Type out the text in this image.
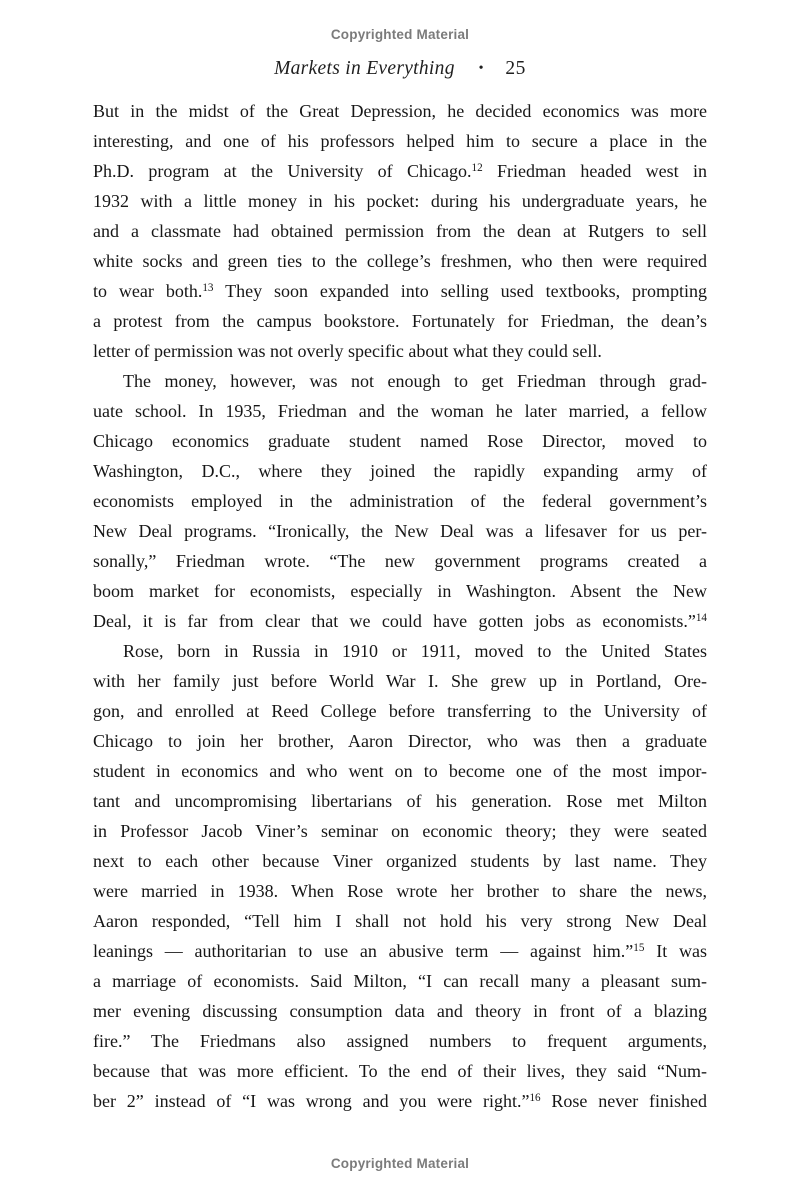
Copyrighted Material
Markets in Everything • 25
But in the midst of the Great Depression, he decided economics was more
interesting, and one of his professors helped him to secure a place in the
Ph.D. program at the University of Chicago.$^{12}$ Friedman headed west in
1932 with a little money in his pocket: during his undergraduate years, he
and a classmate had obtained permission from the dean at Rutgers to sell
white socks and green ties to the college’s freshmen, who then were required
to wear both.$^{13}$ They soon expanded into selling used textbooks, prompting
a protest from the campus bookstore. Fortunately for Friedman, the dean’s
letter of permission was not overly specific about what they could sell.
The money, however, was not enough to get Friedman through grad-
uate school. In 1935, Friedman and the woman he later married, a fellow
Chicago economics graduate student named Rose Director, moved to
Washington, D.C., where they joined the rapidly expanding army of
economists employed in the administration of the federal government’s
New Deal programs. “Ironically, the New Deal was a lifesaver for us per-
sonally,” Friedman wrote. “The new government programs created a
boom market for economists, especially in Washington. Absent the New
Deal, it is far from clear that we could have gotten jobs as economists.”$^{14}$
Rose, born in Russia in 1910 or 1911, moved to the United States
with her family just before World War I. She grew up in Portland, Ore-
gon, and enrolled at Reed College before transferring to the University of
Chicago to join her brother, Aaron Director, who was then a graduate
student in economics and who went on to become one of the most impor-
tant and uncompromising libertarians of his generation. Rose met Milton
in Professor Jacob Viner’s seminar on economic theory; they were seated
next to each other because Viner organized students by last name. They
were married in 1938. When Rose wrote her brother to share the news,
Aaron responded, “Tell him I shall not hold his very strong New Deal
leanings — authoritarian to use an abusive term — against him.”$^{15}$ It was
a marriage of economists. Said Milton, “I can recall many a pleasant sum-
mer evening discussing consumption data and theory in front of a blazing
fire.” The Friedmans also assigned numbers to frequent arguments,
because that was more efficient. To the end of their lives, they said “Num-
ber 2” instead of “I was wrong and you were right.”$^{16}$ Rose never finished
Copyrighted Material
